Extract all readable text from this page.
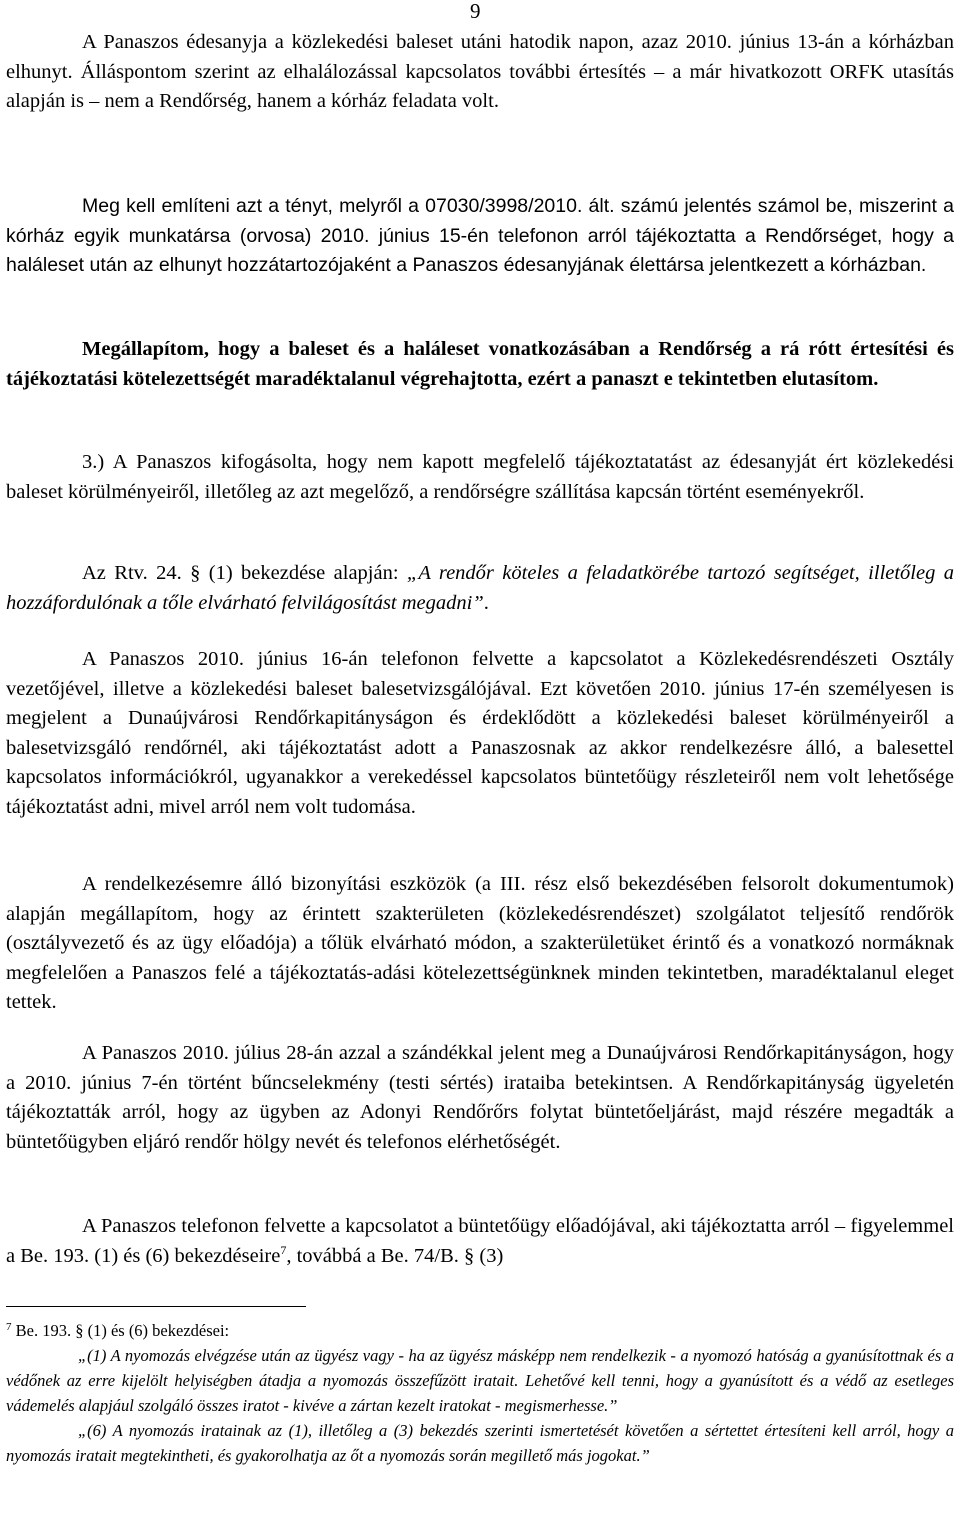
9

A Panaszos édesanyja a közlekedési baleset utáni hatodik napon, azaz 2010. június 13-án a kórházban elhunyt. Álláspontom szerint az elhalálozással kapcsolatos további értesítés – a már hivatkozott ORFK utasítás alapján is – nem a Rendőrség, hanem a kórház feladata volt.

Meg kell említeni azt a tényt, melyről a 07030/3998/2010. ált. számú jelentés számol be, miszerint a kórház egyik munkatársa (orvosa) 2010. június 15-én telefonon arról tájékoztatta a Rendőrséget, hogy a haláleset után az elhunyt hozzátartozójaként a Panaszos édesanyjának élettársa jelentkezett a kórházban.

Megállapítom, hogy a baleset és a haláleset vonatkozásában a Rendőrség a rá rótt értesítési és tájékoztatási kötelezettségét maradéktalanul végrehajtotta, ezért a panaszt e tekintetben elutasítom.

3.) A Panaszos kifogásolta, hogy nem kapott megfelelő tájékoztatatást az édesanyját ért közlekedési baleset körülményeiről, illetőleg az azt megelőző, a rendőrségre szállítása kapcsán történt eseményekről.

Az Rtv. 24. § (1) bekezdése alapján: „A rendőr köteles a feladatkörébe tartozó segítséget, illetőleg a hozzáfordulónak a tőle elvárható felvilágosítást megadni”.

A Panaszos 2010. június 16-án telefonon felvette a kapcsolatot a Közlekedésrendészeti Osztály vezetőjével, illetve a közlekedési baleset balesetvizsgálójával. Ezt követően 2010. június 17-én személyesen is megjelent a Dunaújvárosi Rendőrkapitányságon és érdeklődött a közlekedési baleset körülményeiről a balesetvizsgáló rendőrnél, aki tájékoztatást adott a Panaszosnak az akkor rendelkezésre álló, a balesettel kapcsolatos információkról, ugyanakkor a verekedéssel kapcsolatos büntetőügy részleteiről nem volt lehetősége tájékoztatást adni, mivel arról nem volt tudomása.

A rendelkezésemre álló bizonyítási eszközök (a III. rész első bekezdésében felsorolt dokumentumok) alapján megállapítom, hogy az érintett szakterületen (közlekedésrendészet) szolgálatot teljesítő rendőrök (osztályvezető és az ügy előadója) a tőlük elvárható módon, a szakterületüket érintő és a vonatkozó normáknak megfelelően a Panaszos felé a tájékoztatás-adási kötelezettségünknek minden tekintetben, maradéktalanul eleget tettek.

A Panaszos 2010. július 28-án azzal a szándékkal jelent meg a Dunaújvárosi Rendőrkapitányságon, hogy a 2010. június 7-én történt bűncselekmény (testi sértés) irataiba betekintsen. A Rendőrkapitányság ügyeletén tájékoztatták arról, hogy az ügyben az Adonyi Rendőrőrs folytat büntetőeljárást, majd részére megadták a büntetőügyben eljáró rendőr hölgy nevét és telefonos elérhetőségét.

A Panaszos telefonon felvette a kapcsolatot a büntetőügy előadójával, aki tájékoztatta arról – figyelemmel a Be. 193. (1) és (6) bekezdéseire$^7$, továbbá a Be. 74/B. § (3)

$^7$ Be. 193. § (1) és (6) bekezdései:

„(1) A nyomozás elvégzése után az ügyész vagy - ha az ügyész másképp nem rendelkezik - a nyomozó hatóság a gyanúsítottnak és a védőnek az erre kijelölt helyiségben átadja a nyomozás összefűzött iratait. Lehetővé kell tenni, hogy a gyanúsított és a védő az esetleges vádemelés alapjául szolgáló összes iratot - kivéve a zártan kezelt iratokat - megismerhesse.”

„(6) A nyomozás iratainak az (1), illetőleg a (3) bekezdés szerinti ismertetését követően a sértettet értesíteni kell arról, hogy a nyomozás iratait megtekintheti, és gyakorolhatja az őt a nyomozás során megillető más jogokat.”
